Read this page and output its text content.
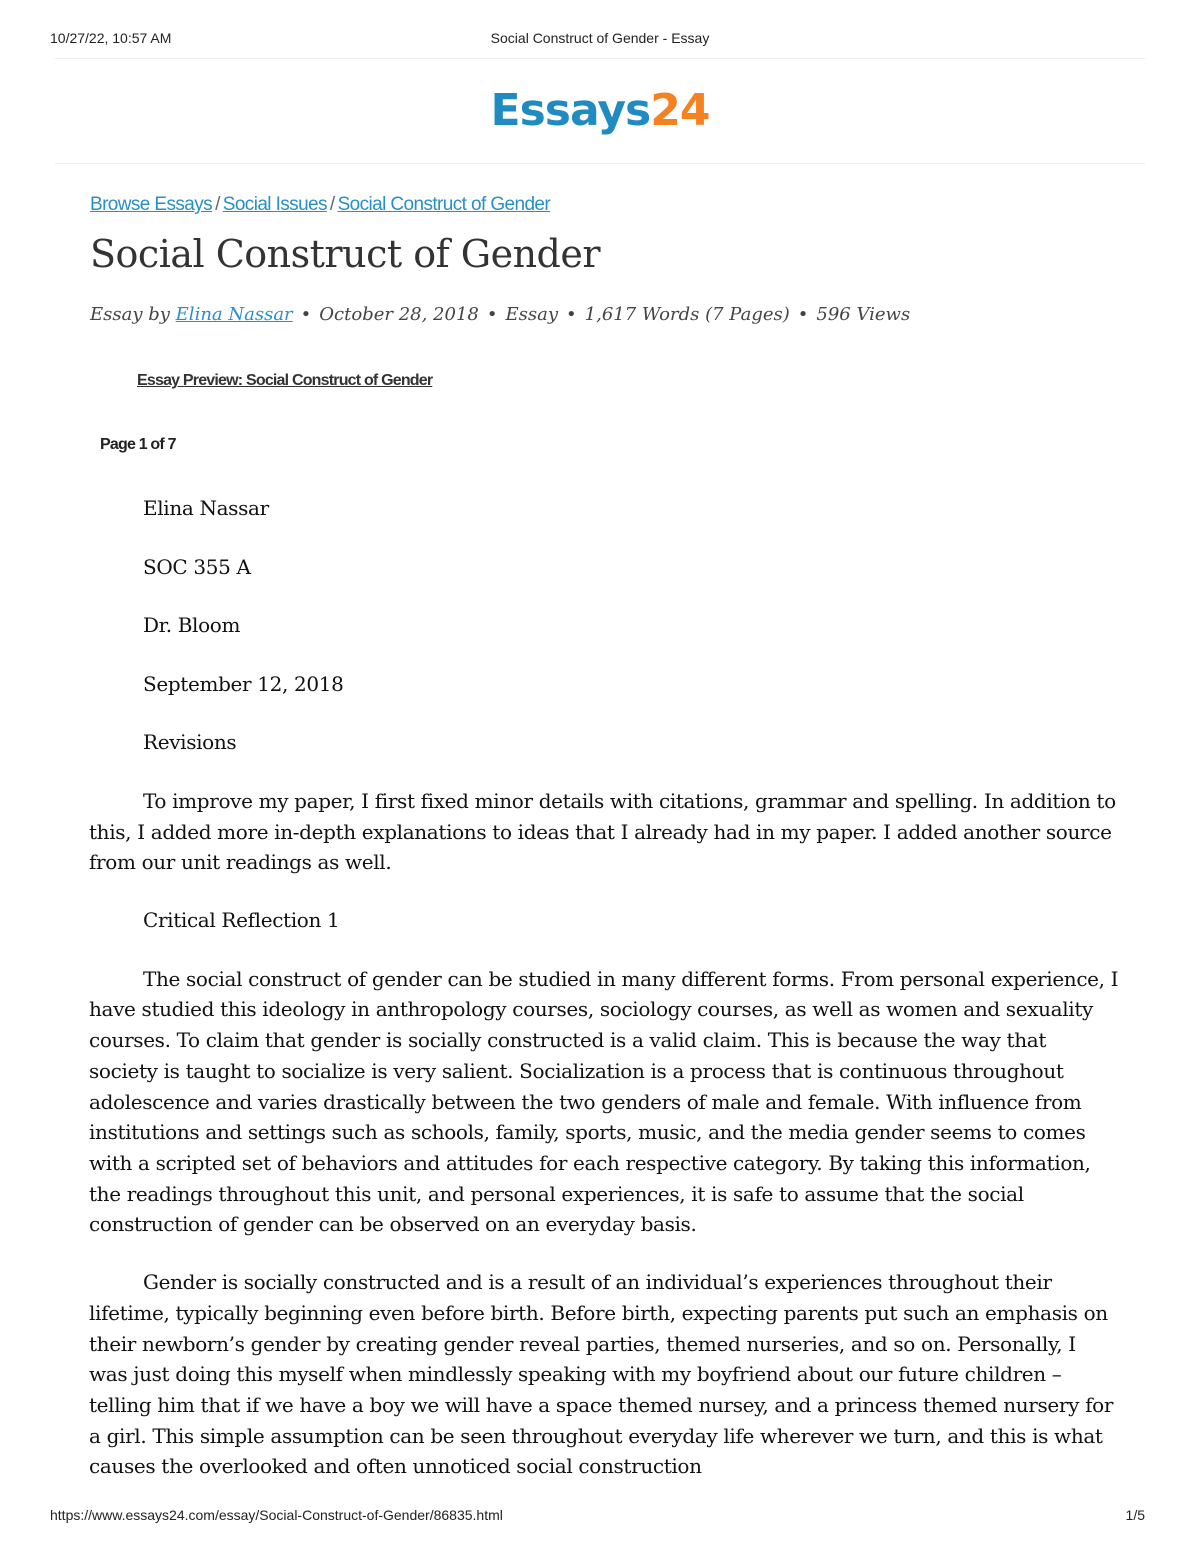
10/27/22, 10:57 AM	Social Construct of Gender - Essay
Essays24
Browse Essays / Social Issues / Social Construct of Gender
Social Construct of Gender
Essay by Elina Nassar • October 28, 2018 • Essay • 1,617 Words (7 Pages) • 596 Views
Essay Preview: Social Construct of Gender
Page 1 of 7
Elina Nassar
SOC 355 A
Dr. Bloom
September 12, 2018
Revisions

To improve my paper, I first fixed minor details with citations, grammar and spelling. In addition to this, I added more in-depth explanations to ideas that I already had in my paper. I added another source from our unit readings as well.

Critical Reflection 1

The social construct of gender can be studied in many different forms. From personal experience, I have studied this ideology in anthropology courses, sociology courses, as well as women and sexuality courses. To claim that gender is socially constructed is a valid claim. This is because the way that society is taught to socialize is very salient. Socialization is a process that is continuous throughout adolescence and varies drastically between the two genders of male and female. With influence from institutions and settings such as schools, family, sports, music, and the media gender seems to comes with a scripted set of behaviors and attitudes for each respective category. By taking this information, the readings throughout this unit, and personal experiences, it is safe to assume that the social construction of gender can be observed on an everyday basis.

Gender is socially constructed and is a result of an individual’s experiences throughout their lifetime, typically beginning even before birth. Before birth, expecting parents put such an emphasis on their newborn’s gender by creating gender reveal parties, themed nurseries, and so on. Personally, I was just doing this myself when mindlessly speaking with my boyfriend about our future children – telling him that if we have a boy we will have a space themed nursey, and a princess themed nursery for a girl. This simple assumption can be seen throughout everyday life wherever we turn, and this is what causes the overlooked and often unnoticed social construction

https://www.essays24.com/essay/Social-Construct-of-Gender/86835.html	1/5
